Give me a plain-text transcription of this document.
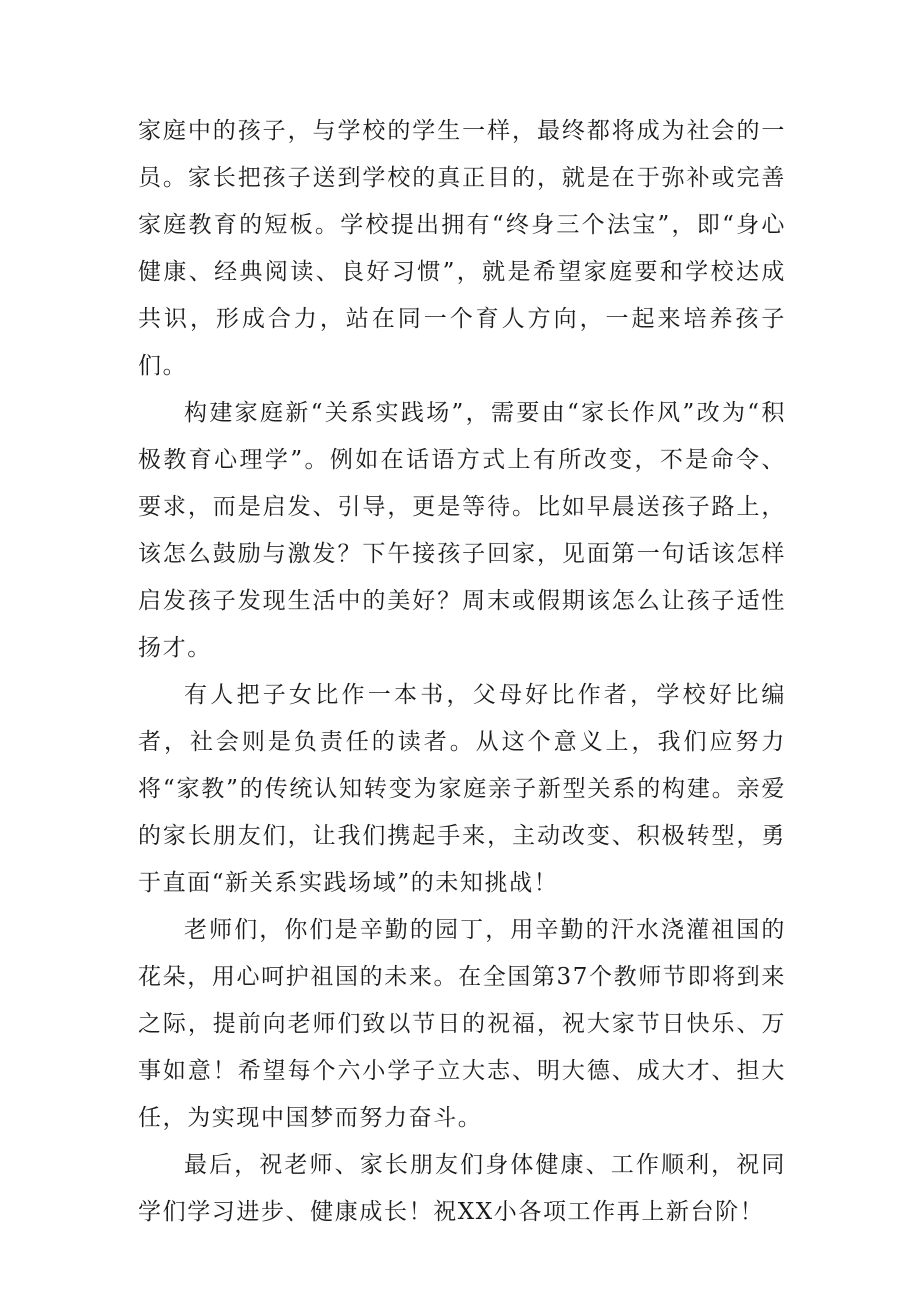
家庭中的孩子，与学校的学生一样，最终都将成为社会的一员。家长把孩子送到学校的真正目的，就是在于弥补或完善家庭教育的短板。学校提出拥有“终身三个法宝”，即“身心健康、经典阅读、良好习惯”，就是希望家庭要和学校达成共识，形成合力，站在同一个育人方向，一起来培养孩子们。

构建家庭新“关系实践场”，需要由“家长作风”改为“积极教育心理学”。例如在话语方式上有所改变，不是命令、要求，而是启发、引导，更是等待。比如早晨送孩子路上，该怎么鼓励与激发？下午接孩子回家，见面第一句话该怎样启发孩子发现生活中的美好？周末或假期该怎么让孩子适性扬才。

有人把子女比作一本书，父母好比作者，学校好比编者，社会则是负责任的读者。从这个意义上，我们应努力将“家教”的传统认知转变为家庭亲子新型关系的构建。亲爱的家长朋友们，让我们携起手来，主动改变、积极转型，勇于直面“新关系实践场域”的未知挑战！

老师们，你们是辛勤的园丁，用辛勤的汗水浇灌祖国的花朵，用心呵护祖国的未来。在全国第37个教师节即将到来之际，提前向老师们致以节日的祝福，祝大家节日快乐、万事如意！希望每个六小学子立大志、明大德、成大才、担大任，为实现中国梦而努力奋斗。

最后，祝老师、家长朋友们身体健康、工作顺利，祝同学们学习进步、健康成长！祝XX小各项工作再上新台阶！
